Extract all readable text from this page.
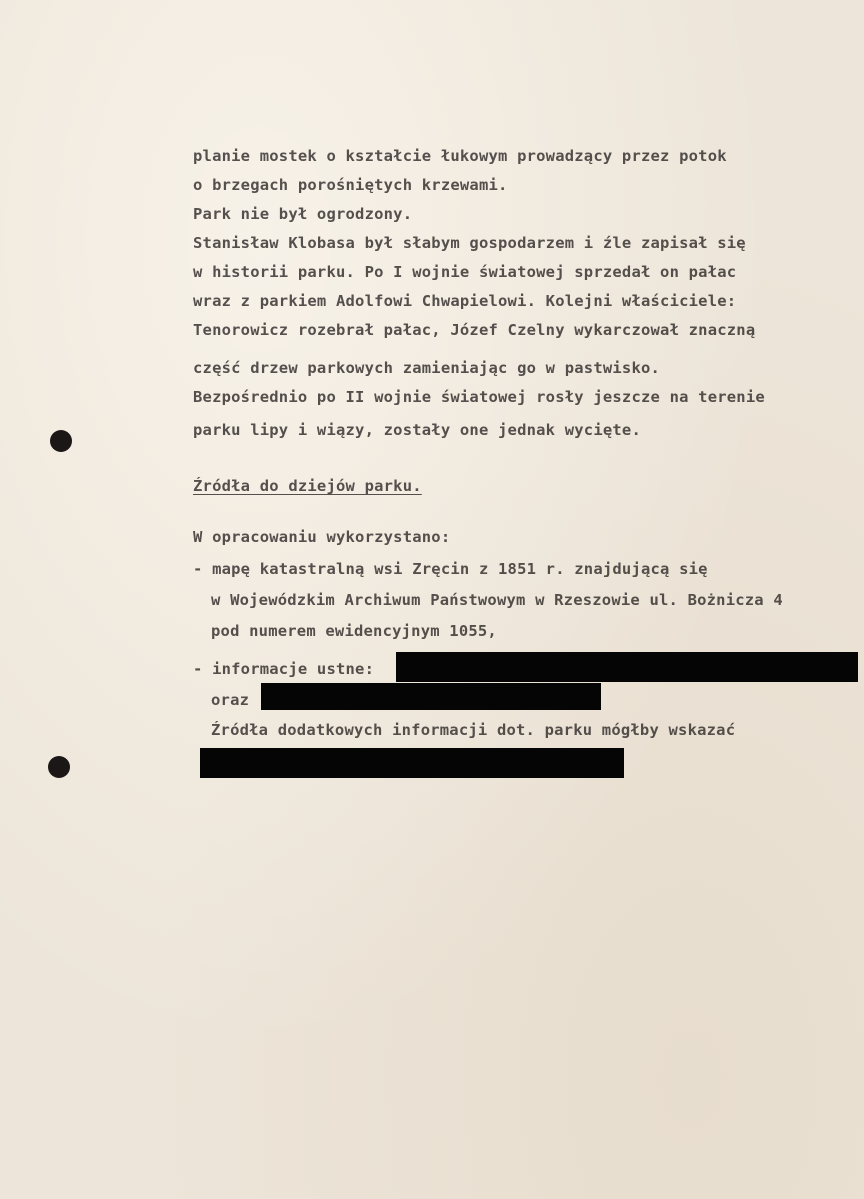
planie mostek o kształcie łukowym prowadzący przez potok
o brzegach porośniętych krzewami.
Park nie był ogrodzony.
Stanisław Klobasa był słabym gospodarzem i źle zapisał się
w historii parku. Po I wojnie światowej sprzedał on pałac
wraz z parkiem Adolfowi Chwapielowi. Kolejni właściciele:
Tenorowicz rozebrał pałac, Józef Czelny wykarczował znaczną
część drzew parkowych zamieniając go w pastwisko.
Bezpośrednio po II wojnie światowej rosły jeszcze na terenie
parku lipy i wiązy, zostały one jednak wycięte.
Źródła do dziejów parku.
W opracowaniu wykorzystano:
- mapę katastralną wsi Zręcin z 1851 r. znajdującą się
w Wojewódzkim Archiwum Państwowym w Rzeszowie ul. Bożnicza 4
pod numerem ewidencyjnym 1055,
- informacje ustne:
oraz
Źródła dodatkowych informacji dot. parku mógłby wskazać
